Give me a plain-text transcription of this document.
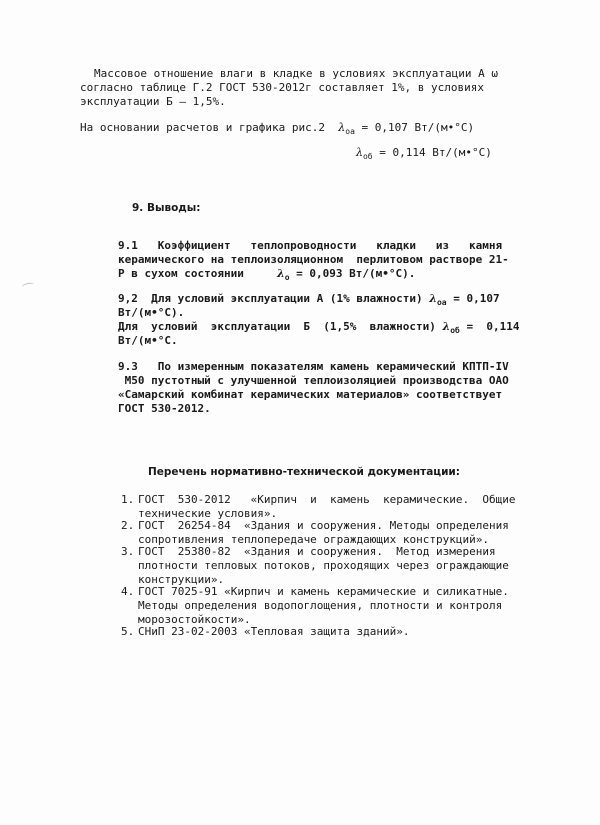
Массовое отношение влаги в кладке в условиях эксплуатации А ω
согласно таблице Г.2 ГОСТ 530-2012г составляет 1%, в условиях
эксплуатации Б – 1,5%.
На основании расчетов и графика рис.2 $\lambda_{оа} = 0,107$ Вт/(м•°С)
$\lambda_{об} = 0,114$ Вт/(м•°С)
9. Выводы:
9.1   Коэффициент   теплопроводности   кладки   из   камня
керамического на теплоизоляционном  перлитовом растворе 21-
Р в сухом состоянии	$\lambda_о = 0,093$ Вт/(м•°С).
9,2  Для условий эксплуатации А (1% влажности) $\lambda_{оа} = 0,107$
Вт/(м•°С).
Для  условий  эксплуатации  Б  (1,5%  влажности) $\lambda_{об} = 0,114$
Вт/(м•°С.
9.3   По измеренным показателям камень керамический КПТП-IV
М50 пустотный с улучшенной теплоизоляцией производства ОАО
«Самарский комбинат керамических материалов» соответствует
ГОСТ 530-2012.
Перечень нормативно-технической документации:
1. ГОСТ  530-2012   «Кирпич  и  камень  керамические.  Общие
технические условия».
2. ГОСТ  26254-84  «Здания и сооружения. Методы определения
сопротивления теплопередаче ограждающих конструкций».
3. ГОСТ  25380-82  «Здания и сооружения.  Метод измерения
плотности тепловых потоков, проходящих через ограждающие
конструкции».
4. ГОСТ 7025-91 «Кирпич и камень керамические и силикатные.
Методы определения водопоглощения, плотности и контроля
морозостойкости».
5. СНиП 23-02-2003 «Тепловая защита зданий».
